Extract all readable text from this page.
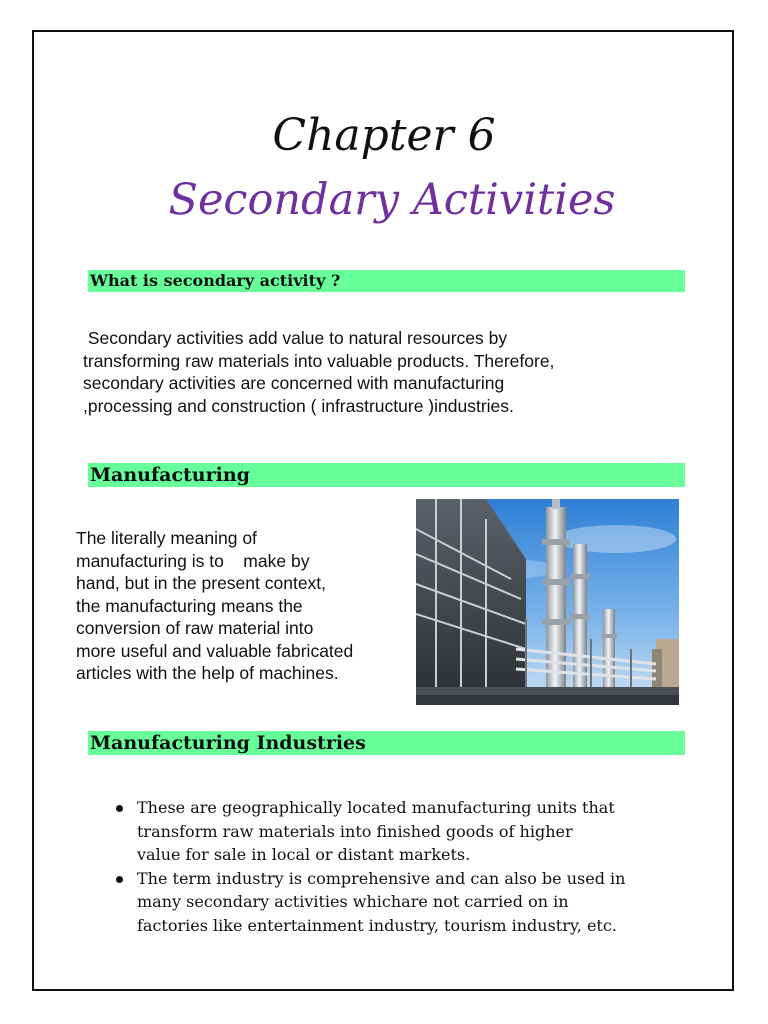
Chapter 6
Secondary Activities
What is secondary activity ?

Secondary activities add value to natural resources by
transforming raw materials into valuable products. Therefore,
secondary activities are concerned with manufacturing
,processing and construction ( infrastructure )industries.

Manufacturing

The literally meaning of
manufacturing is to    make by
hand, but in the present context,
the manufacturing means the
conversion of raw material into
more useful and valuable fabricated
articles with the help of machines.

Manufacturing Industries
These are geographically located manufacturing units that
transform raw materials into finished goods of higher
value for sale in local or distant markets.
The term industry is comprehensive and can also be used in
many secondary activities whichare not carried on in
factories like entertainment industry, tourism industry, etc.
